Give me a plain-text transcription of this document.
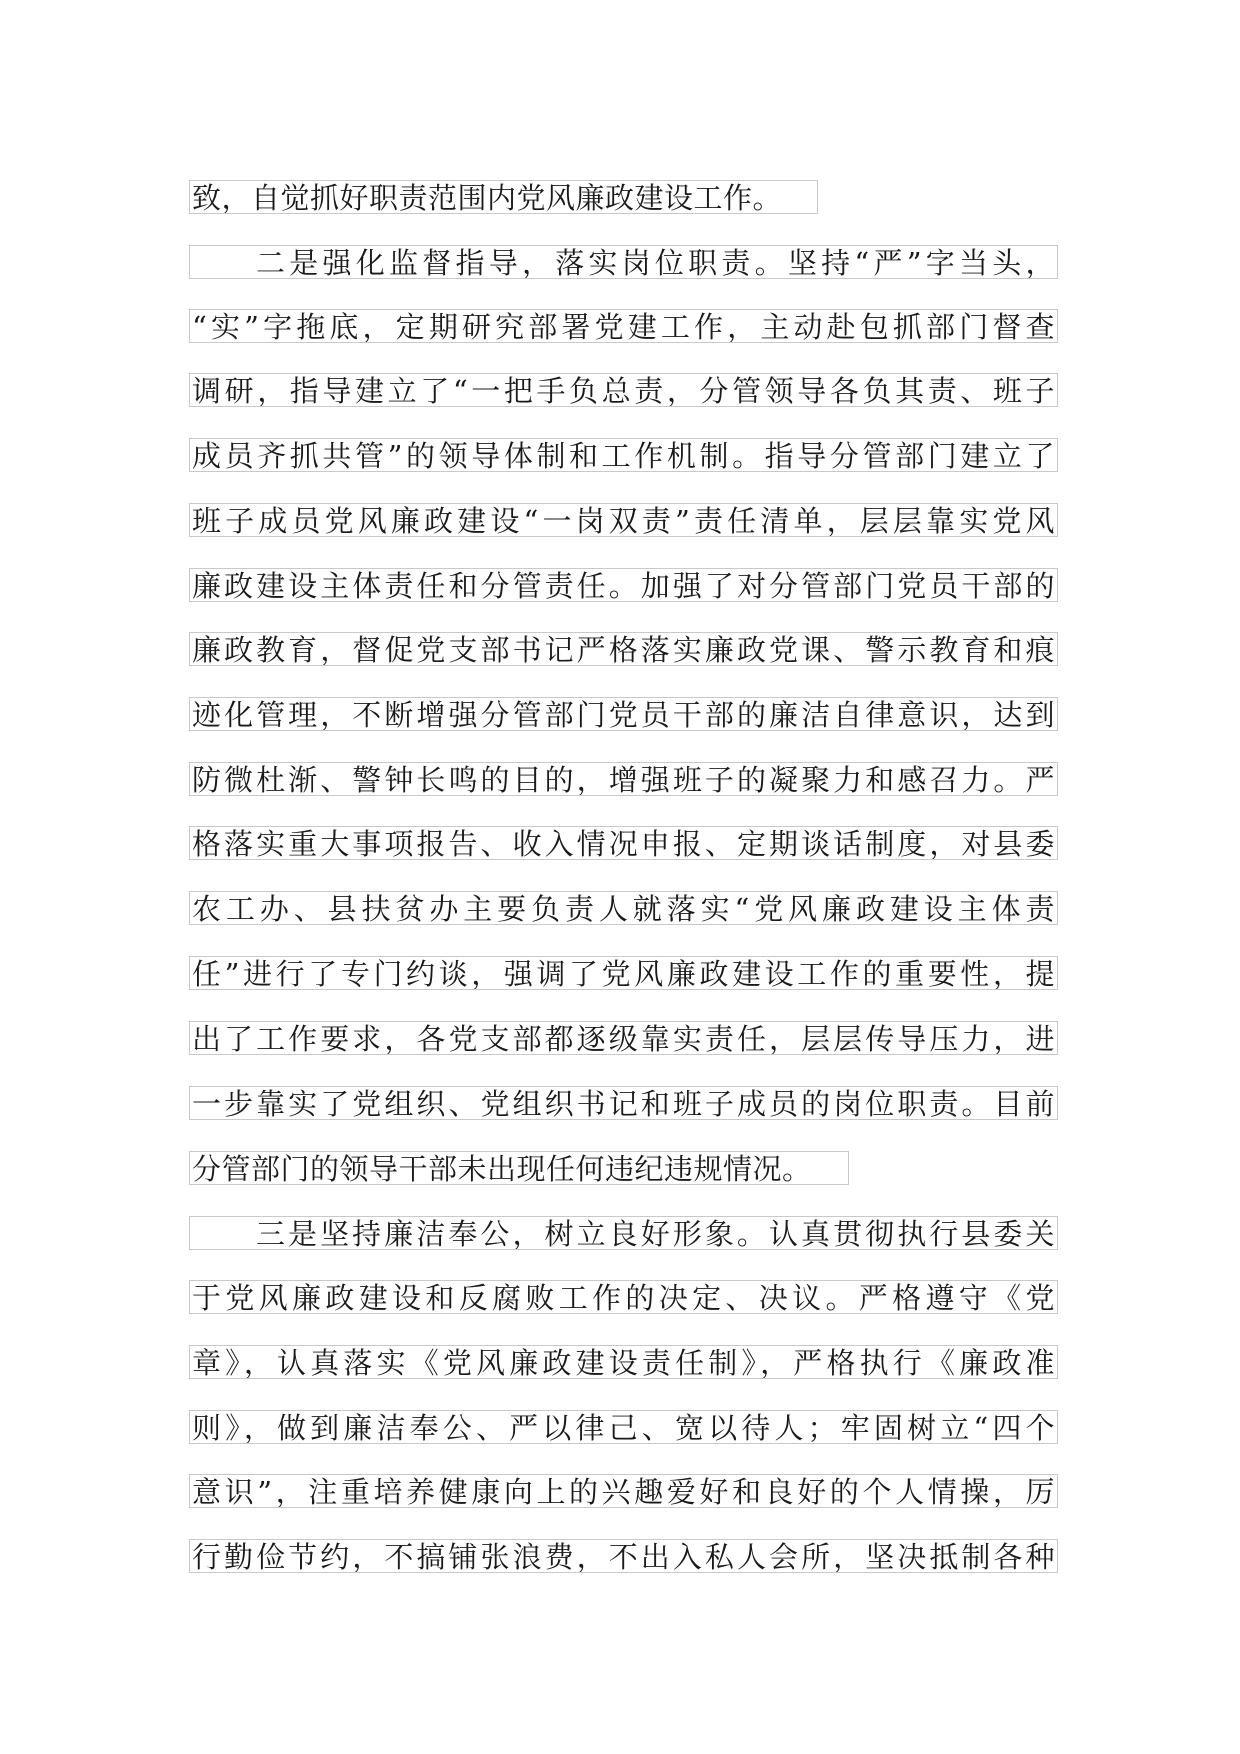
致，自觉抓好职责范围内党风廉政建设工作。
二是强化监督指导，落实岗位职责。坚持“严”字当头，
“实”字拖底，定期研究部署党建工作，主动赴包抓部门督查
调研，指导建立了“一把手负总责，分管领导各负其责、班子
成员齐抓共管”的领导体制和工作机制。指导分管部门建立了
班子成员党风廉政建设“一岗双责”责任清单，层层靠实党风
廉政建设主体责任和分管责任。加强了对分管部门党员干部的
廉政教育，督促党支部书记严格落实廉政党课、警示教育和痕
迹化管理，不断增强分管部门党员干部的廉洁自律意识，达到
防微杜渐、警钟长鸣的目的，增强班子的凝聚力和感召力。严
格落实重大事项报告、收入情况申报、定期谈话制度，对县委
农工办、县扶贫办主要负责人就落实“党风廉政建设主体责
任”进行了专门约谈，强调了党风廉政建设工作的重要性，提
出了工作要求，各党支部都逐级靠实责任，层层传导压力，进
一步靠实了党组织、党组织书记和班子成员的岗位职责。目前
分管部门的领导干部未出现任何违纪违规情况。
三是坚持廉洁奉公，树立良好形象。认真贯彻执行县委关
于党风廉政建设和反腐败工作的决定、决议。严格遵守《党
章》，认真落实《党风廉政建设责任制》，严格执行《廉政准
则》，做到廉洁奉公、严以律己、宽以待人；牢固树立“四个
意识”，注重培养健康向上的兴趣爱好和良好的个人情操，厉
行勤俭节约，不搞铺张浪费，不出入私人会所，坚决抵制各种
